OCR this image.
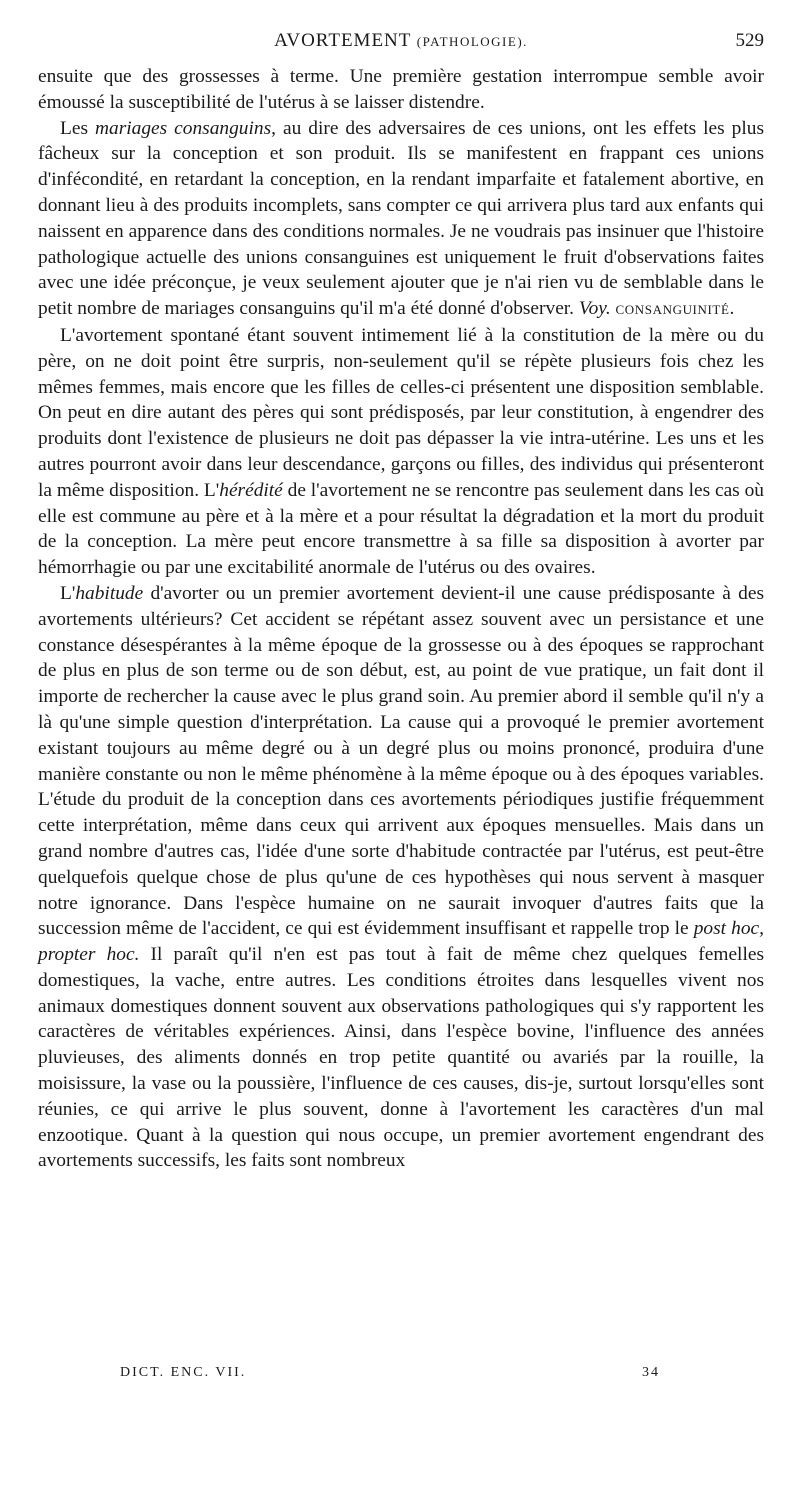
AVORTEMENT (PATHOLOGIE).	529

ensuite que des grossesses à terme. Une première gestation interrompue semble avoir émoussé la susceptibilité de l'utérus à se laisser distendre.

Les mariages consanguins, au dire des adversaires de ces unions, ont les effets les plus fâcheux sur la conception et son produit. Ils se manifestent en frappant ces unions d'infécondité, en retardant la conception, en la rendant imparfaite et fatalement abortive, en donnant lieu à des produits incomplets, sans compter ce qui arrivera plus tard aux enfants qui naissent en apparence dans des conditions normales. Je ne voudrais pas insinuer que l'histoire pathologique actuelle des unions consanguines est uniquement le fruit d'observations faites avec une idée préconçue, je veux seulement ajouter que je n'ai rien vu de semblable dans le petit nombre de mariages consanguins qu'il m'a été donné d'observer. Voy. CONSANGUINITÉ.

L'avortement spontané étant souvent intimement lié à la constitution de la mère ou du père, on ne doit point être surpris, non-seulement qu'il se répète plusieurs fois chez les mêmes femmes, mais encore que les filles de celles-ci présentent une disposition semblable. On peut en dire autant des pères qui sont prédisposés, par leur constitution, à engendrer des produits dont l'existence de plusieurs ne doit pas dépasser la vie intra-utérine. Les uns et les autres pourront avoir dans leur descendance, garçons ou filles, des individus qui présenteront la même disposition. L'hérédité de l'avortement ne se rencontre pas seulement dans les cas où elle est commune au père et à la mère et a pour résultat la dégradation et la mort du produit de la conception. La mère peut encore transmettre à sa fille sa disposition à avorter par hémorrhagie ou par une excitabilité anormale de l'utérus ou des ovaires.

L'habitude d'avorter ou un premier avortement devient-il une cause prédisposante à des avortements ultérieurs? Cet accident se répétant assez souvent avec un persistance et une constance désespérantes à la même époque de la grossesse ou à des époques se rapprochant de plus en plus de son terme ou de son début, est, au point de vue pratique, un fait dont il importe de rechercher la cause avec le plus grand soin. Au premier abord il semble qu'il n'y a là qu'une simple question d'interprétation. La cause qui a provoqué le premier avortement existant toujours au même degré ou à un degré plus ou moins prononcé, produira d'une manière constante ou non le même phénomène à la même époque ou à des époques variables. L'étude du produit de la conception dans ces avortements périodiques justifie fréquemment cette interprétation, même dans ceux qui arrivent aux époques mensuelles. Mais dans un grand nombre d'autres cas, l'idée d'une sorte d'habitude contractée par l'utérus, est peut-être quelquefois quelque chose de plus qu'une de ces hypothèses qui nous servent à masquer notre ignorance. Dans l'espèce humaine on ne saurait invoquer d'autres faits que la succession même de l'accident, ce qui est évidemment insuffisant et rappelle trop le post hoc, propter hoc. Il paraît qu'il n'en est pas tout à fait de même chez quelques femelles domestiques, la vache, entre autres. Les conditions étroites dans lesquelles vivent nos animaux domestiques donnent souvent aux observations pathologiques qui s'y rapportent les caractères de véritables expériences. Ainsi, dans l'espèce bovine, l'influence des années pluvieuses, des aliments donnés en trop petite quantité ou avariés par la rouille, la moisissure, la vase ou la poussière, l'influence de ces causes, dis-je, surtout lorsqu'elles sont réunies, ce qui arrive le plus souvent, donne à l'avortement les caractères d'un mal enzootique. Quant à la question qui nous occupe, un premier avortement engendrant des avortements successifs, les faits sont nombreux

DICT. ENC. VII.	34
